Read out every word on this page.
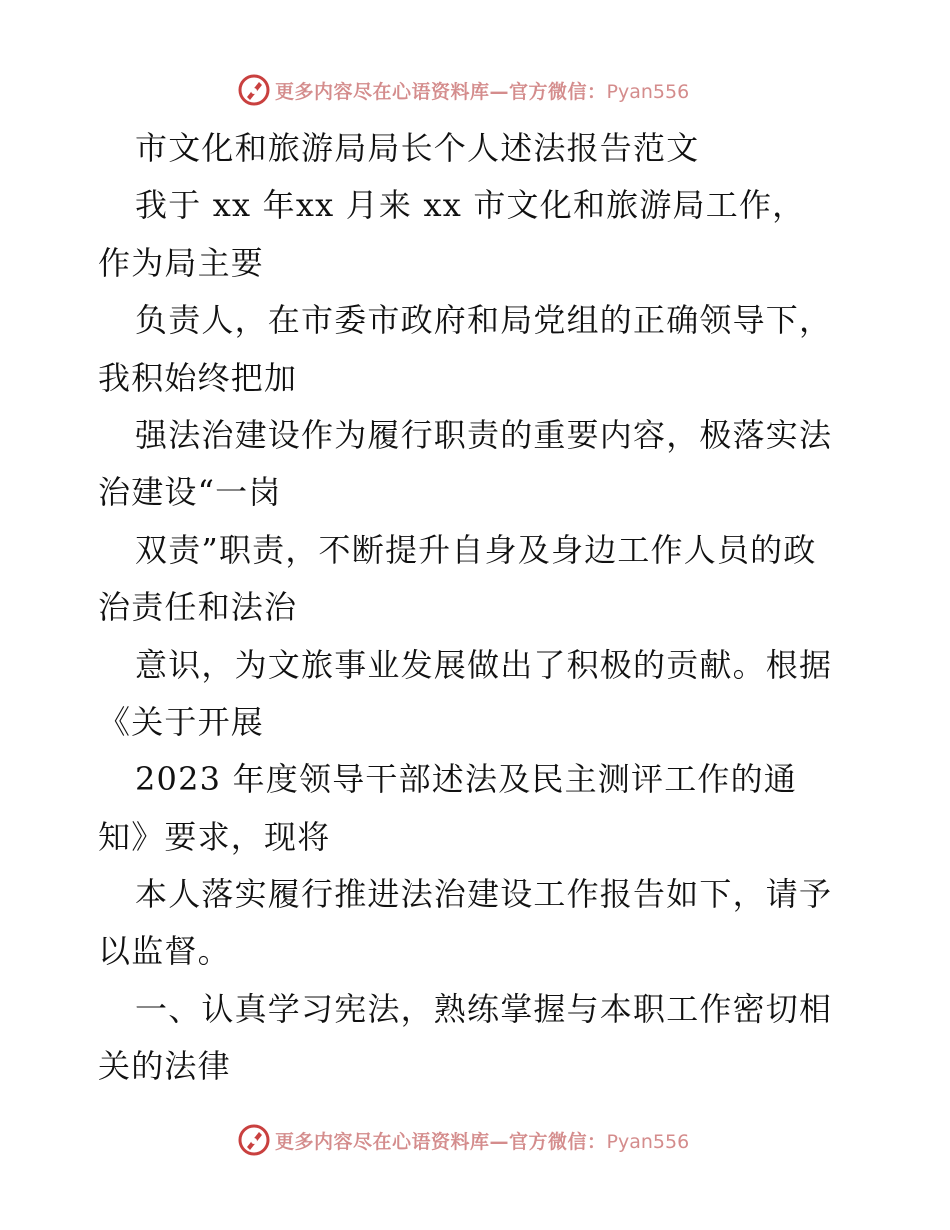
更多内容尽在心语资料库—官方微信：Pyan556
市文化和旅游局局长个人述法报告范文
我于 xx 年xx 月来 xx 市文化和旅游局工作，
作为局主要
负责人，在市委市政府和局党组的正确领导下，
我积始终把加
强法治建设作为履行职责的重要内容，极落实法
治建设“一岗
双责”职责，不断提升自身及身边工作人员的政
治责任和法治
意识，为文旅事业发展做出了积极的贡献。根据
《关于开展
2023 年度领导干部述法及民主测评工作的通
知》要求，现将
本人落实履行推进法治建设工作报告如下，请予
以监督。
一、认真学习宪法，熟练掌握与本职工作密切相
关的法律
更多内容尽在心语资料库—官方微信：Pyan556
